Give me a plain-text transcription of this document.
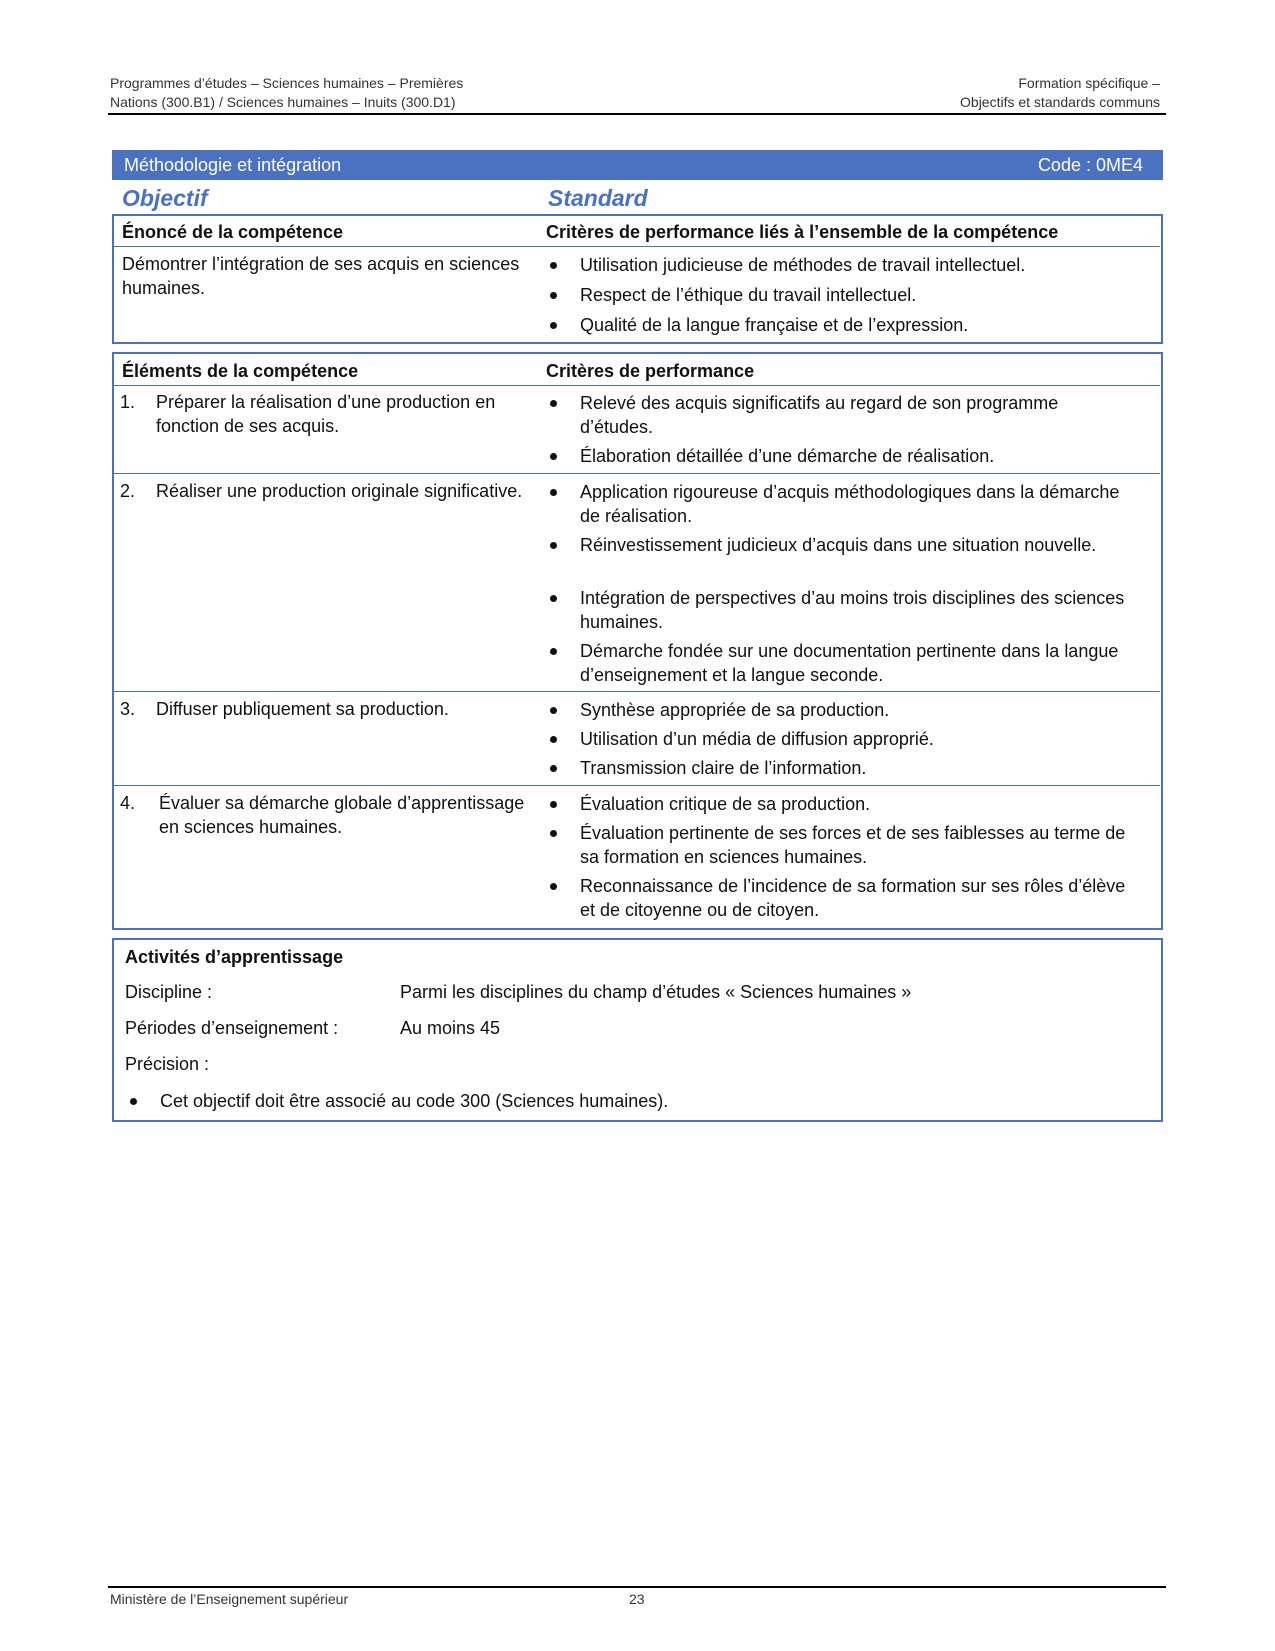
Programmes d’études – Sciences humaines – Premières
Nations (300.B1) / Sciences humaines – Inuits (300.D1)
Formation spécifique –
Objectifs et standards communs
Méthodologie et intégration	Code : 0ME4
Objectif	Standard
Énoncé de la compétence	Critères de performance liés à l’ensemble de la compétence
Démontrer l’intégration de ses acquis en sciences humaines.
Utilisation judicieuse de méthodes de travail intellectuel.
Respect de l’éthique du travail intellectuel.
Qualité de la langue française et de l’expression.
Éléments de la compétence	Critères de performance
1.	Préparer la réalisation d’une production en fonction de ses acquis.
Relevé des acquis significatifs au regard de son programme d’études.
Élaboration détaillée d’une démarche de réalisation.
2.	Réaliser une production originale significative.	Application rigoureuse d’acquis méthodologiques dans la démarche de réalisation.
Réinvestissement judicieux d’acquis dans une situation nouvelle.
Intégration de perspectives d’au moins trois disciplines des sciences humaines.
Démarche fondée sur une documentation pertinente dans la langue d’enseignement et la langue seconde.
3.	Diffuser publiquement sa production.	Synthèse appropriée de sa production.
Utilisation d’un média de diffusion approprié.
Transmission claire de l’information.
4.	Évaluer sa démarche globale d’apprentissage en sciences humaines.
Évaluation critique de sa production.
Évaluation pertinente de ses forces et de ses faiblesses au terme de sa formation en sciences humaines.
Reconnaissance de l’incidence de sa formation sur ses rôles d’élève et de citoyenne ou de citoyen.
Activités d’apprentissage
Discipline :	Parmi les disciplines du champ d’études « Sciences humaines »
Périodes d’enseignement :	Au moins 45
Précision :
Cet objectif doit être associé au code 300 (Sciences humaines).
Ministère de l’Enseignement supérieur	23
